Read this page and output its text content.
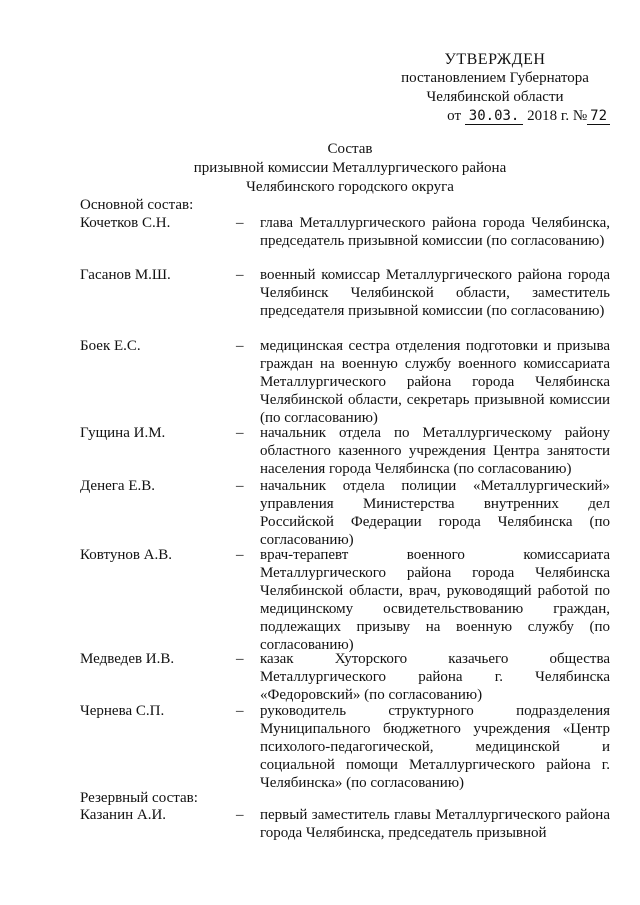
УТВЕРЖДЕН
постановлением Губернатора
Челябинской области
от 30.03. 2018 г. № 72
Состав
призывной комиссии Металлургического района
Челябинского городского округа
Основной состав:
Кочетков С.Н.	– глава Металлургического района города Челябинска, председатель призывной комиссии (по согласованию)
Гасанов М.Ш.	– военный комиссар Металлургического района города Челябинск Челябинской области, заместитель председателя призывной комиссии (по согласованию)
Боек Е.С.	– медицинская сестра отделения подготовки и призыва граждан на военную службу военного комиссариата Металлургического района города Челябинска Челябинской области, секретарь призывной комиссии (по согласованию)
Гущина И.М.	– начальник отдела по Металлургическому району областного казенного учреждения Центра занятости населения города Челябинска (по согласованию)
Денега Е.В.	– начальник отдела полиции «Металлургический» управления Министерства внутренних дел Российской Федерации города Челябинска (по согласованию)
Ковтунов А.В.	– врач-терапевт военного комиссариата Металлургического района города Челябинска Челябинской области, врач, руководящий работой по медицинскому освидетельствованию граждан, подлежащих призыву на военную службу (по согласованию)
Медведев И.В.	– казак Хуторского казачьего общества Металлургического района г. Челябинска «Федоровский» (по согласованию)
Чернева С.П.	– руководитель структурного подразделения Муниципального бюджетного учреждения «Центр психолого-педагогической, медицинской и социальной помощи Металлургического района г. Челябинска» (по согласованию)
Резервный состав:
Казанин А.И.	– первый заместитель главы Металлургического района города Челябинска, председатель призывной
